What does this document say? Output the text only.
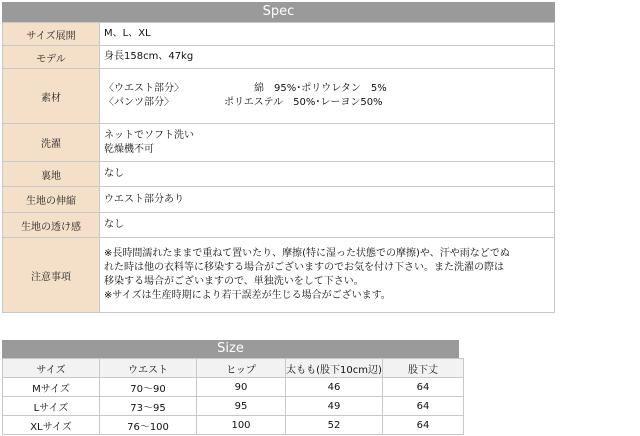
Spec
サイズ展開	M、L、XL
モデル	身長158cm、47kg
素材	〈ウエスト部分〉 綿　95%･ポリウレタン　5%
〈パンツ部分〉 ポリエステル　50%･レーヨン50%

洗濯	ネットでソフト洗い
乾燥機不可

裏地	なし
生地の伸縮	ウエスト部分あり
生地の透け感	なし
注意事項	※長時間濡れたままで重ねて置いたり、摩擦(特に湿った状態での摩擦)や、汗や雨などでぬ
れた時は他の衣料等に移染する場合がございますのでお気を付け下さい。また洗濯の際は
移染する場合がございますので、単独洗いをして下さい。
※サイズは生産時期により若干誤差が生じる場合がございます。
Size
サイズ	ウエスト	ヒップ	太もも(股下10cm辺)	股下丈
Mサイズ	70〜90	90	46	64
Lサイズ	73〜95	95	49	64
XLサイズ	76〜100	100	52	64
